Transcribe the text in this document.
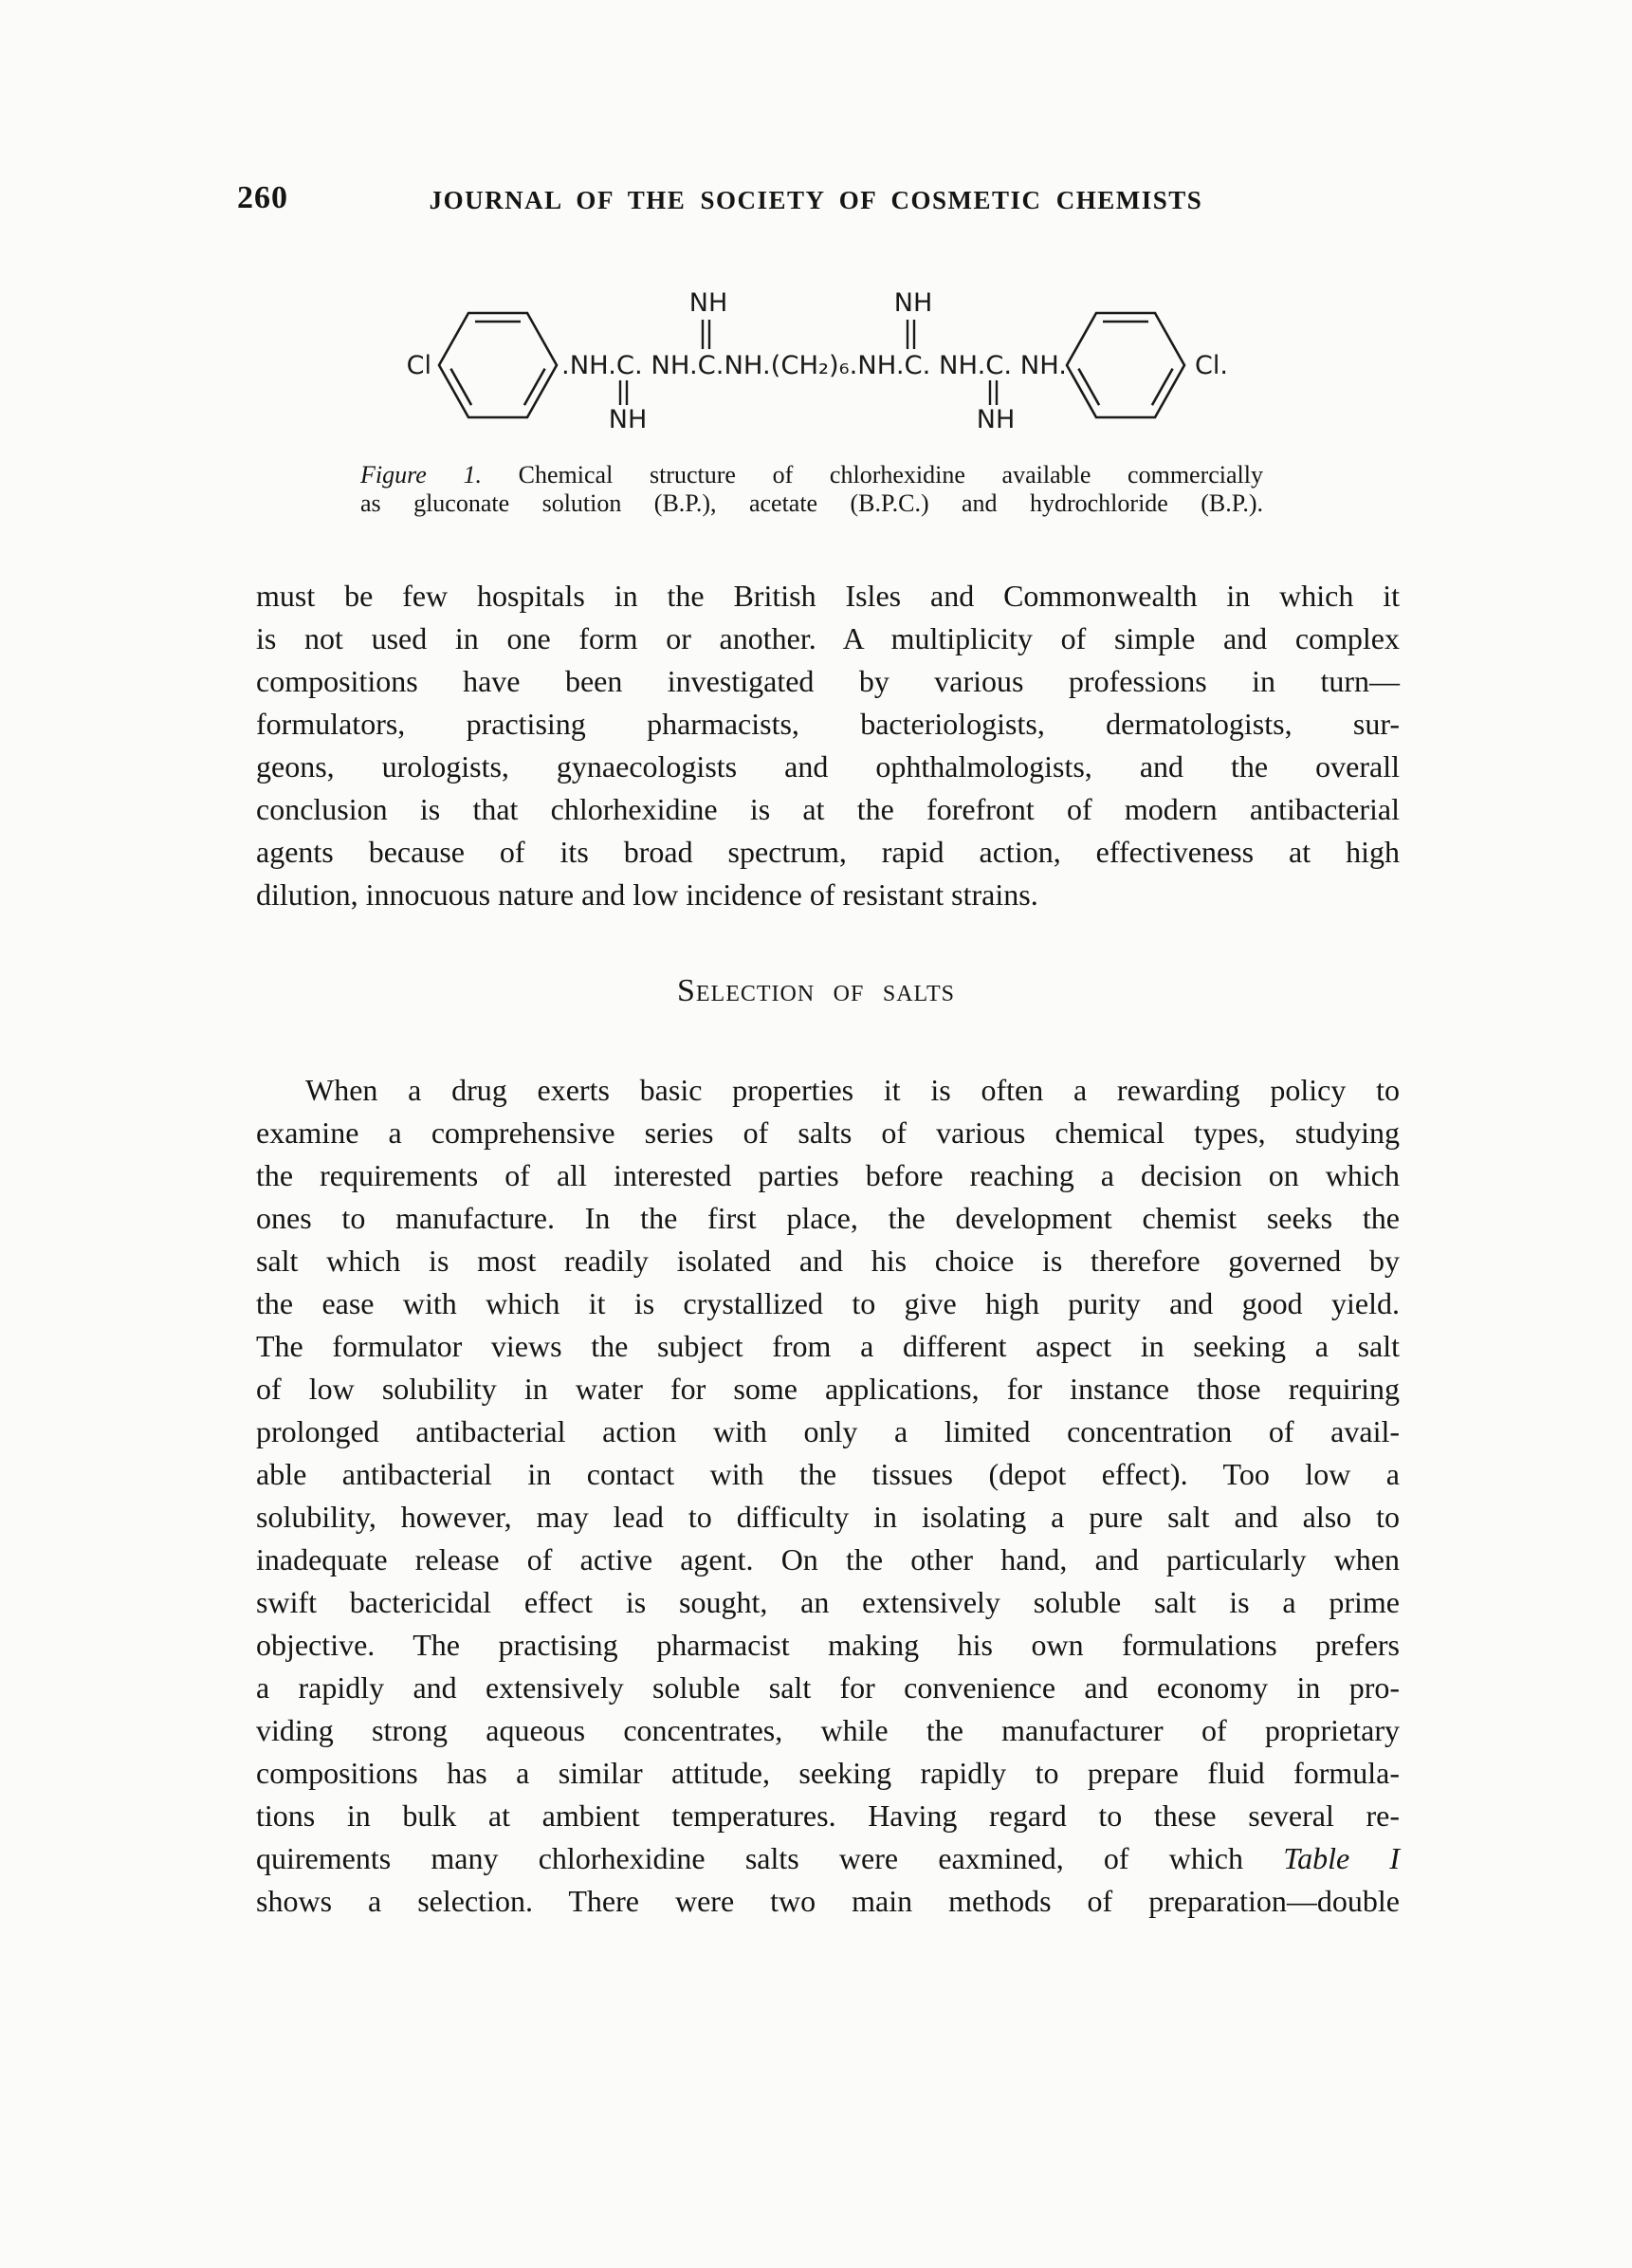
260	JOURNAL OF THE SOCIETY OF COSMETIC CHEMISTS
Cl	.NH.C. NH.C.NH.(CH₂)₆.NH.C. NH.C. NH.
NH
NH	NH
NH
Cl.
Figure 1. Chemical structure of chlorhexidine available commercially
as gluconate solution (B.P.), acetate (B.P.C.) and hydrochloride (B.P.).
must be few hospitals in the British Isles and Commonwealth in which it
is not used in one form or another. A multiplicity of simple and complex
compositions have been investigated by various professions in turn—
formulators, practising pharmacists, bacteriologists, dermatologists, sur-
geons, urologists, gynaecologists and ophthalmologists, and the overall
conclusion is that chlorhexidine is at the forefront of modern antibacterial
agents because of its broad spectrum, rapid action, effectiveness at high
dilution, innocuous nature and low incidence of resistant strains.
Selection of salts
When a drug exerts basic properties it is often a rewarding policy to
examine a comprehensive series of salts of various chemical types, studying
the requirements of all interested parties before reaching a decision on which
ones to manufacture. In the first place, the development chemist seeks the
salt which is most readily isolated and his choice is therefore governed by
the ease with which it is crystallized to give high purity and good yield.
The formulator views the subject from a different aspect in seeking a salt
of low solubility in water for some applications, for instance those requiring
prolonged antibacterial action with only a limited concentration of avail-
able antibacterial in contact with the tissues (depot effect). Too low a
solubility, however, may lead to difficulty in isolating a pure salt and also to
inadequate release of active agent. On the other hand, and particularly when
swift bactericidal effect is sought, an extensively soluble salt is a prime
objective. The practising pharmacist making his own formulations prefers
a rapidly and extensively soluble salt for convenience and economy in pro-
viding strong aqueous concentrates, while the manufacturer of proprietary
compositions has a similar attitude, seeking rapidly to prepare fluid formula-
tions in bulk at ambient temperatures. Having regard to these several re-
quirements many chlorhexidine salts were eaxmined, of which Table I
shows a selection. There were two main methods of preparation—double
